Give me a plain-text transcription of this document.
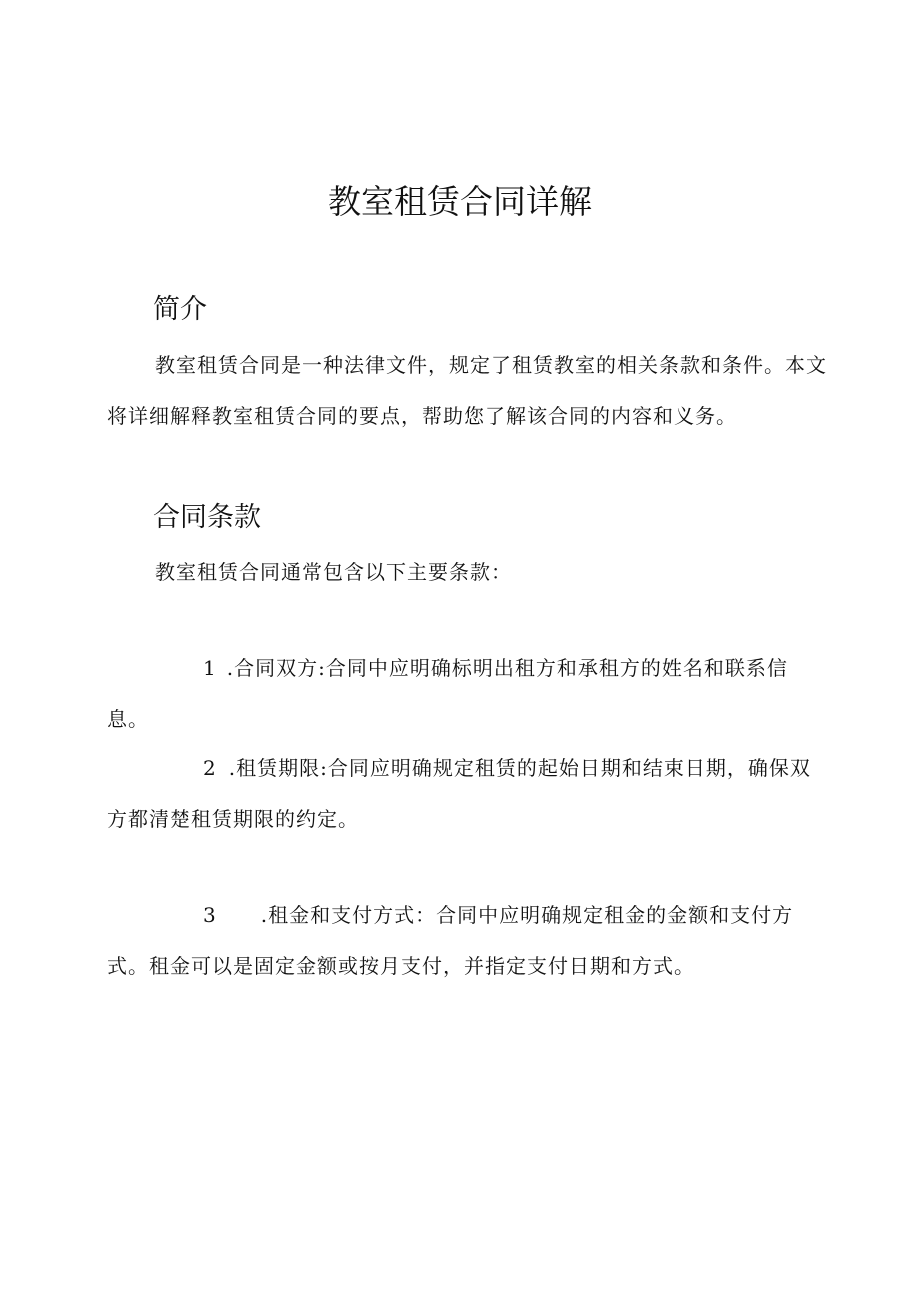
教室租赁合同详解
简介

教室租赁合同是一种法律文件，规定了租赁教室的相关条款和条件。本文将详细解释教室租赁合同的要点，帮助您了解该合同的内容和义务。

合同条款

教室租赁合同通常包含以下主要条款：

1 .合同双方:合同中应明确标明出租方和承租方的姓名和联系信息。

2 .租赁期限:合同应明确规定租赁的起始日期和结束日期，确保双方都清楚租赁期限的约定。

3 .租金和支付方式：合同中应明确规定租金的金额和支付方式。租金可以是固定金额或按月支付，并指定支付日期和方式。
